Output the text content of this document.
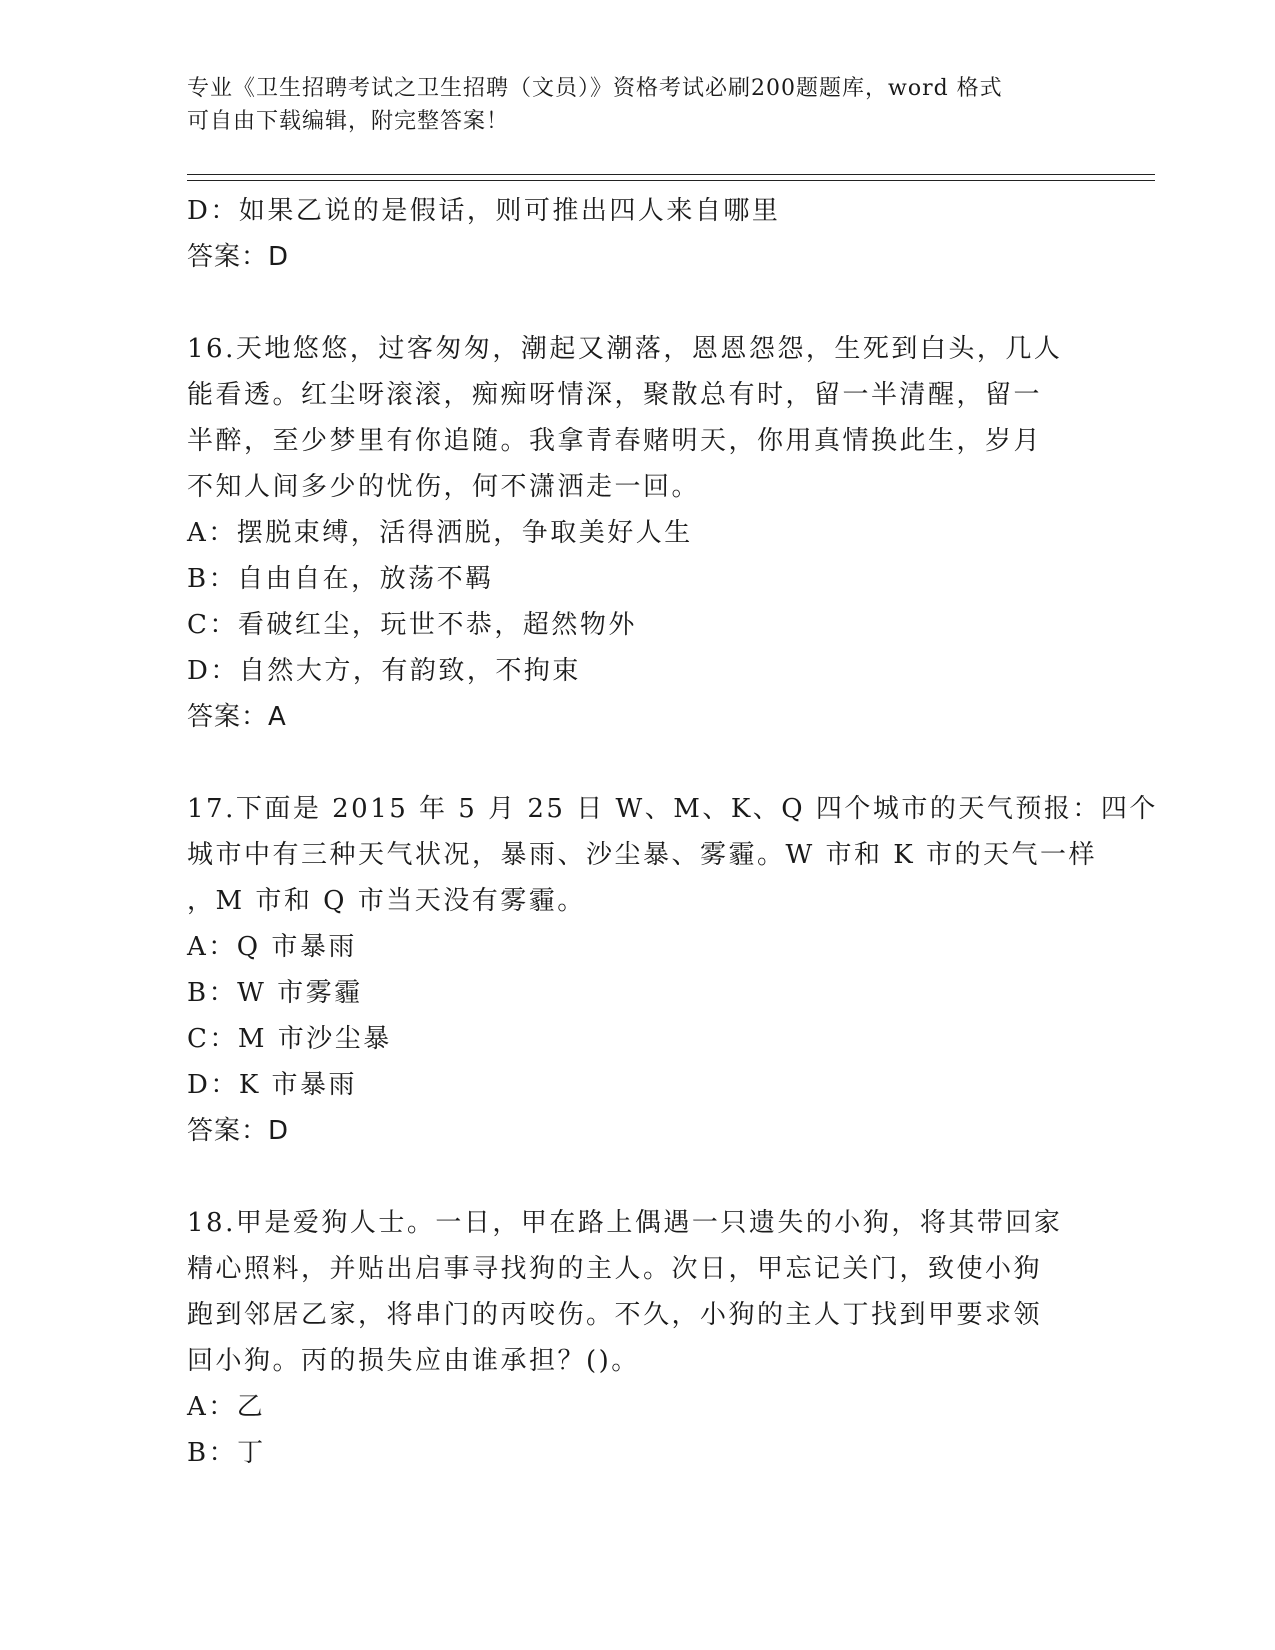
专业《卫生招聘考试之卫生招聘（文员）》资格考试必刷200题题库，word 格式
可自由下载编辑，附完整答案！
D：如果乙说的是假话，则可推出四人来自哪里
答案：D
16.天地悠悠，过客匆匆，潮起又潮落，恩恩怨怨，生死到白头，几人
能看透。红尘呀滚滚，痴痴呀情深，聚散总有时，留一半清醒，留一
半醉，至少梦里有你追随。我拿青春赌明天，你用真情换此生，岁月
不知人间多少的忧伤，何不潇洒走一回。
A：摆脱束缚，活得洒脱，争取美好人生
B：自由自在，放荡不羁
C：看破红尘，玩世不恭，超然物外
D：自然大方，有韵致，不拘束
答案：A
17.下面是 2015 年 5 月 25 日 W、M、K、Q 四个城市的天气预报：四个
城市中有三种天气状况，暴雨、沙尘暴、雾霾。W 市和 K 市的天气一样
，M 市和 Q 市当天没有雾霾。
A：Q 市暴雨
B：W 市雾霾
C：M 市沙尘暴
D：K 市暴雨
答案：D
18.甲是爱狗人士。一日，甲在路上偶遇一只遗失的小狗，将其带回家
精心照料，并贴出启事寻找狗的主人。次日，甲忘记关门，致使小狗
跑到邻居乙家，将串门的丙咬伤。不久，小狗的主人丁找到甲要求领
回小狗。丙的损失应由谁承担？()。
A：乙
B：丁
